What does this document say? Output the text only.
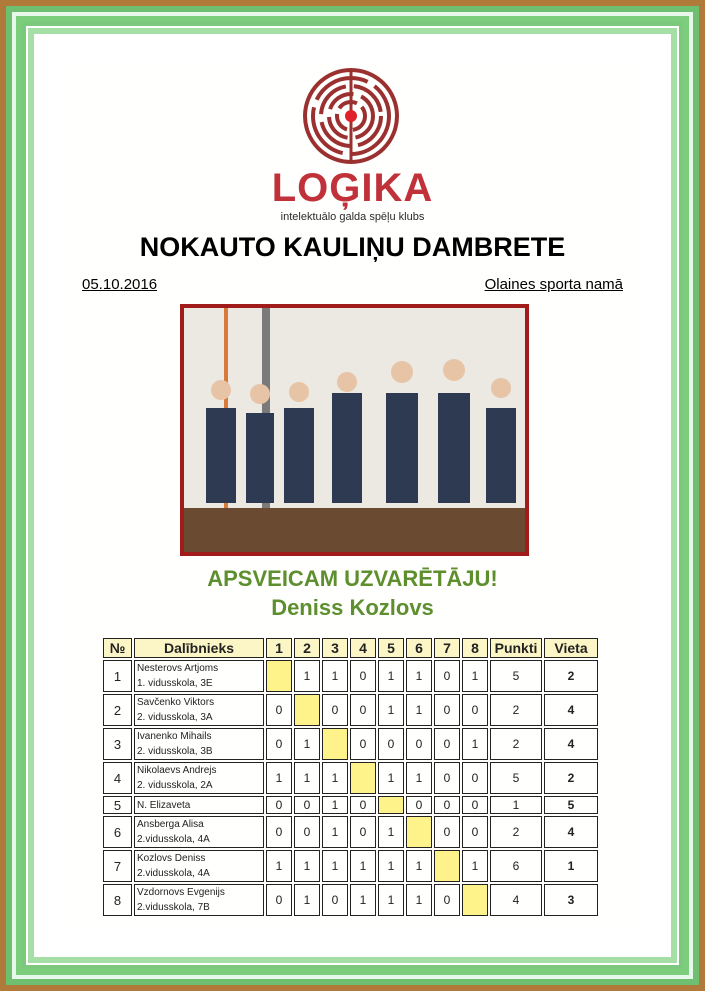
LOĢIKA
intelektuālo galda spēļu klubs
NOKAUTO KAULIŅU DAMBRETE
05.10.2016	Olaines sporta namā
APSVEICAM UZVARĒTĀJU!
Deniss Kozlovs
№	Dalībnieks	1	2	3	4	5	6	7	8	Punkti	Vieta
1	Nesterovs Artjoms
1. vidusskola, 3E		1	1	0	1	1	0	1	5	2
2	Savčenko Viktors
2. vidusskola, 3A	0		0	0	1	1	0	0	2	4
3	Ivanenko Mihails
2. vidusskola, 3B	0	1		0	0	0	0	1	2	4
4	Nikolaevs Andrejs
2. vidusskola, 2A	1	1	1		1	1	0	0	5	2
5	N. Elizaveta	0	0	1	0		0	0	0	1	5
6	Ansberga Alisa
2.vidusskola, 4A	0	0	1	0	1		0	0	2	4
7	Kozlovs Deniss
2.vidusskola, 4A	1	1	1	1	1	1		1	6	1
8	Vzdornovs Evgenijs
2.vidusskola, 7B	0	1	0	1	1	1	0		4	3
